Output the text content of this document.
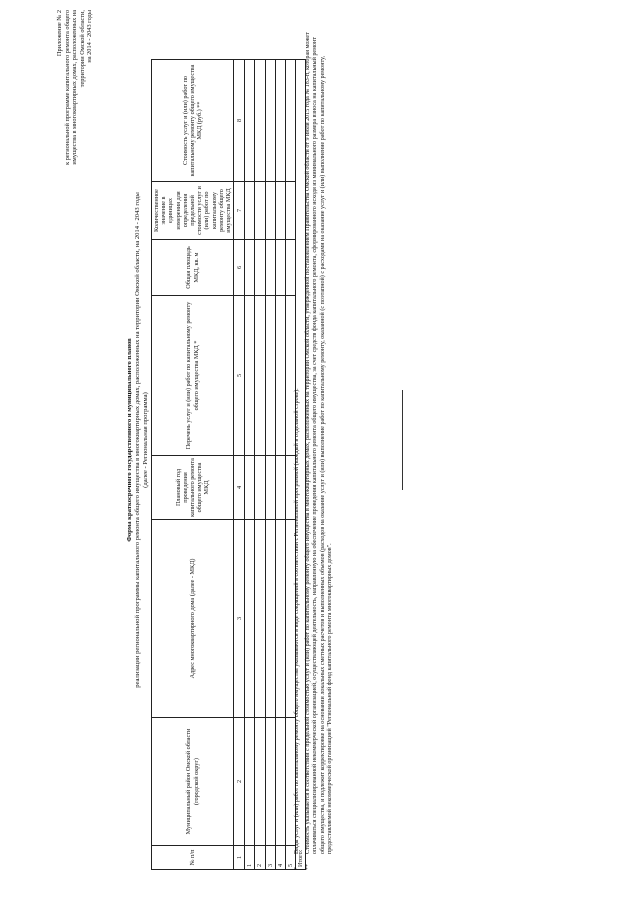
Приложение № 2 к региональной программе капитального ремонта общего имущества в многоквартирных домах, расположенных на территории Омской области, на 2014 - 2043 годы
Форма краткосрочного государственного и муниципального планов реализации региональной программы капитального ремонта общего имущества в многоквартирных домах, расположенных на территории Омской области, на 2014 - 2043 годы (далее - Региональная программа)
№ п/п	Муниципальный район Омской области (городской округ)	Адрес многоквартирного дома (далее - МКД)	Плановый год проведения капитального ремонта общего имущества МКД	Перечень услуг и (или) работ по капитальному ремонту общего имущества МКД *	Общая площадь МКД, кв. м	Количественное значение в единицах измерения для определения предельной стоимости услуг и (или) работ по капитальному ремонту общего имущества МКД	Стоимость услуг и (или) работ по капитальному ремонту общего имущества МКД (руб.) **
1	2	3	4	5	6	7	8
1							
2							
3							
4							
5							
Итого:							
*
Виды услуг и (или) работ по капитальному ремонту общего имущества указываются в виде сокращений в соответствии с Региональной программой (каждый в отдельной строке).
**
Стоимость указывается в соответствии с предельной стоимостью услуг и (или) работ по капитальному ремонту общего имущества в многоквартирных домах, расположенных на территории Омской области, утвержденной постановлением Правительства Омской области от 9 июля 2015 года № 183-п, которая может оплачиваться специализированной некоммерческой организацией, осуществляющей деятельность, направленную на обеспечение проведения капитального ремонта общего имущества, за счет средств фонда капитального ремонта, сформированного исходя из минимального размера взноса на капитальный ремонт общего имущества, и подлежит корректировке на основании локальных сметных расчетов и выполненных объемов (расходов на оказание услуг и (или) выполнение работ по капитальному ремонту, оказанной (с поэтапной) с расходами на оказание услуг и (или) выполнение работ по капитальному ремонту, предоставляемой некоммерческой организацией "Региональный фонд капитального ремонта многоквартирных домов".
